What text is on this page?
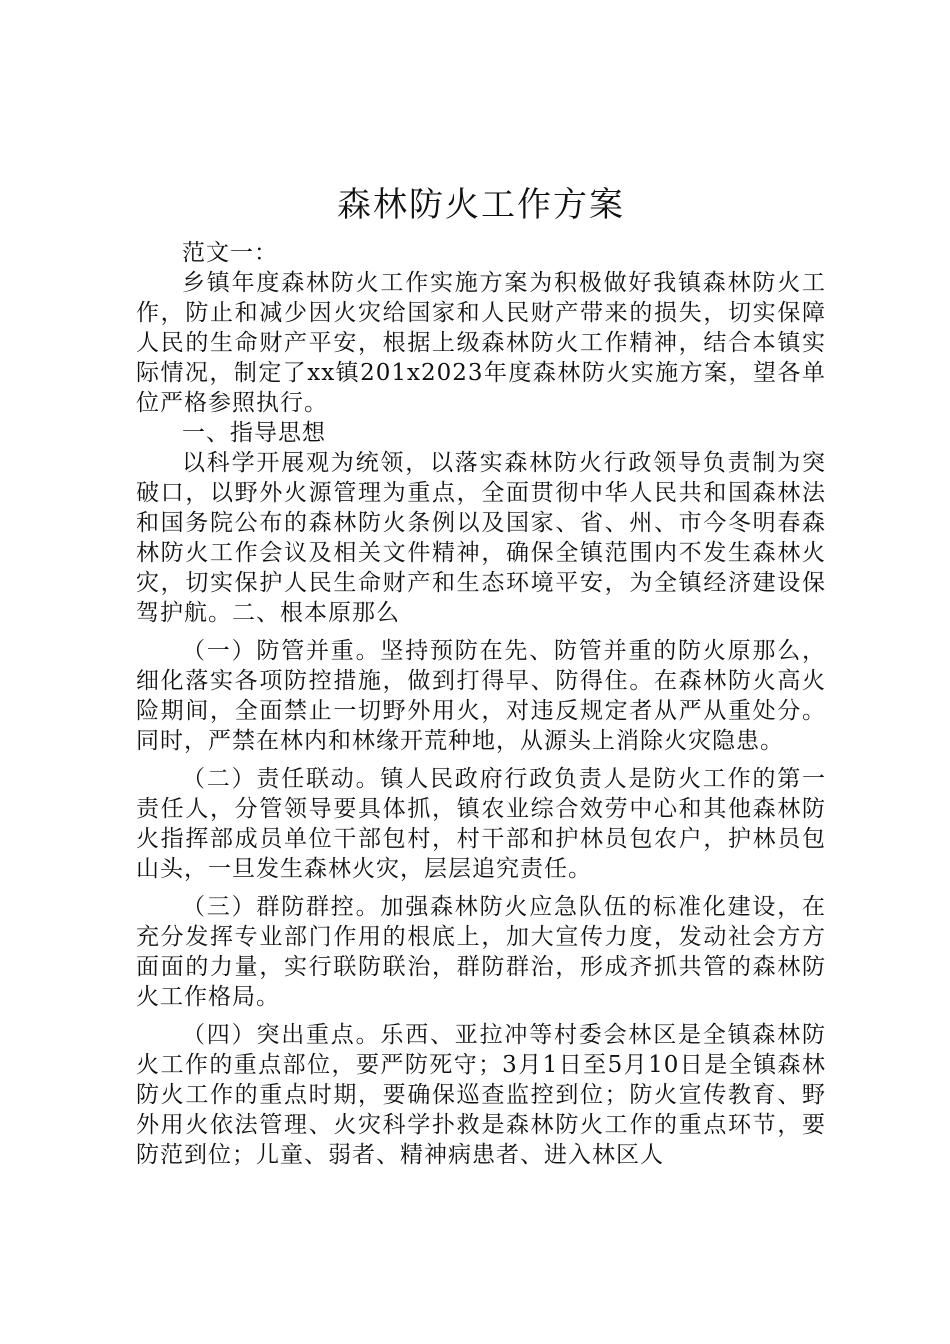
森林防火工作方案

范文一：

乡镇年度森林防火工作实施方案为积极做好我镇森林防火工作，防止和减少因火灾给国家和人民财产带来的损失，切实保障人民的生命财产平安，根据上级森林防火工作精神，结合本镇实际情况，制定了xx镇201x2023年度森林防火实施方案，望各单位严格参照执行。

一、指导思想

以科学开展观为统领，以落实森林防火行政领导负责制为突破口，以野外火源管理为重点，全面贯彻中华人民共和国森林法和国务院公布的森林防火条例以及国家、省、州、市今冬明春森林防火工作会议及相关文件精神，确保全镇范围内不发生森林火灾，切实保护人民生命财产和生态环境平安，为全镇经济建设保驾护航。二、根本原那么

（一）防管并重。坚持预防在先、防管并重的防火原那么，细化落实各项防控措施，做到打得早、防得住。在森林防火高火险期间，全面禁止一切野外用火，对违反规定者从严从重处分。同时，严禁在林内和林缘开荒种地，从源头上消除火灾隐患。

（二）责任联动。镇人民政府行政负责人是防火工作的第一责任人，分管领导要具体抓，镇农业综合效劳中心和其他森林防火指挥部成员单位干部包村，村干部和护林员包农户，护林员包山头，一旦发生森林火灾，层层追究责任。

（三）群防群控。加强森林防火应急队伍的标准化建设，在充分发挥专业部门作用的根底上，加大宣传力度，发动社会方方面面的力量，实行联防联治，群防群治，形成齐抓共管的森林防火工作格局。

（四）突出重点。乐西、亚拉冲等村委会林区是全镇森林防火工作的重点部位，要严防死守；3月1日至5月10日是全镇森林防火工作的重点时期，要确保巡查监控到位；防火宣传教育、野外用火依法管理、火灾科学扑救是森林防火工作的重点环节，要防范到位；儿童、弱者、精神病患者、进入林区人
